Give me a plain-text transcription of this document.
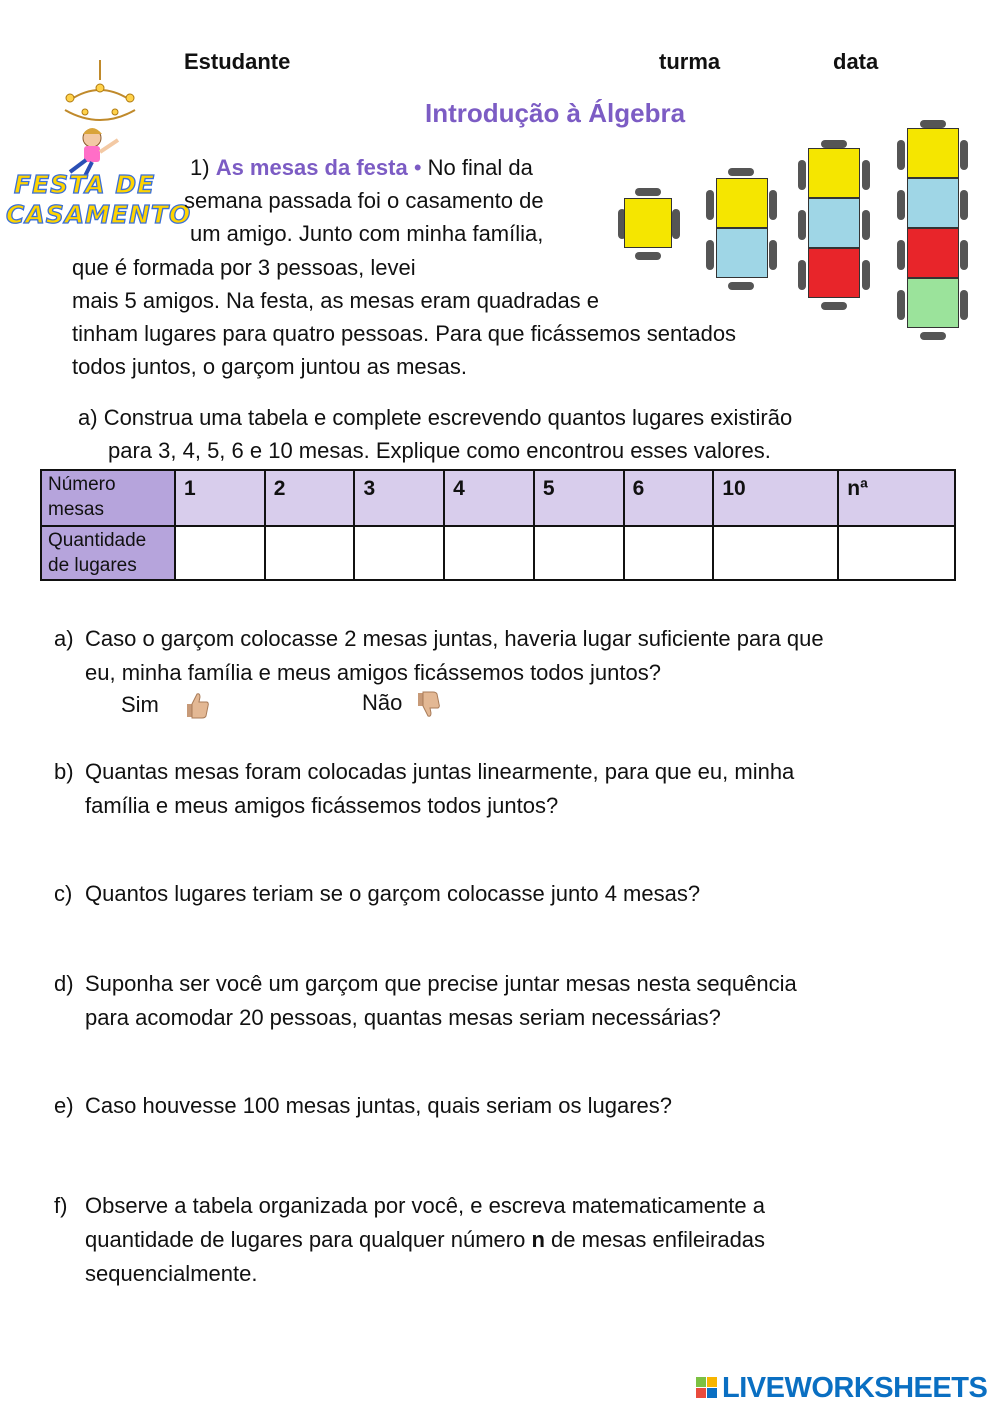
Estudante	turma	data
Introdução à Álgebra
FESTA DE
CASAMENTO
1) As mesas da festa • No final da
semana passada foi o casamento de
um amigo. Junto com minha família,
que é formada por 3 pessoas, levei
mais 5 amigos. Na festa, as mesas eram quadradas e
tinham lugares para quatro pessoas. Para que ficássemos sentados
todos juntos, o garçom juntou as mesas.
a) Construa uma tabela e complete escrevendo quantos lugares existirão
para 3, 4, 5, 6 e 10 mesas. Explique como encontrou esses valores.
Número
mesas	1	2	3	4	5	6	10	nª

Quantidade
de lugares								

a) Caso o garçom colocasse 2 mesas juntas, haveria lugar suficiente para que
eu, minha família e meus amigos ficássemos todos juntos?
Sim	Não
b) Quantas mesas foram colocadas juntas linearmente, para que eu, minha
família e meus amigos ficássemos todos juntos?
c) Quantos lugares teriam se o garçom colocasse junto 4 mesas?
d) Suponha ser você um garçom que precise juntar mesas nesta sequência
para acomodar 20 pessoas, quantas mesas seriam necessárias?
e) Caso houvesse 100 mesas juntas, quais seriam os lugares?
f) Observe a tabela organizada por você, e escreva matematicamente a
quantidade de lugares para qualquer número n de mesas enfileiradas
sequencialmente.
LIVEWORKSHEETS
